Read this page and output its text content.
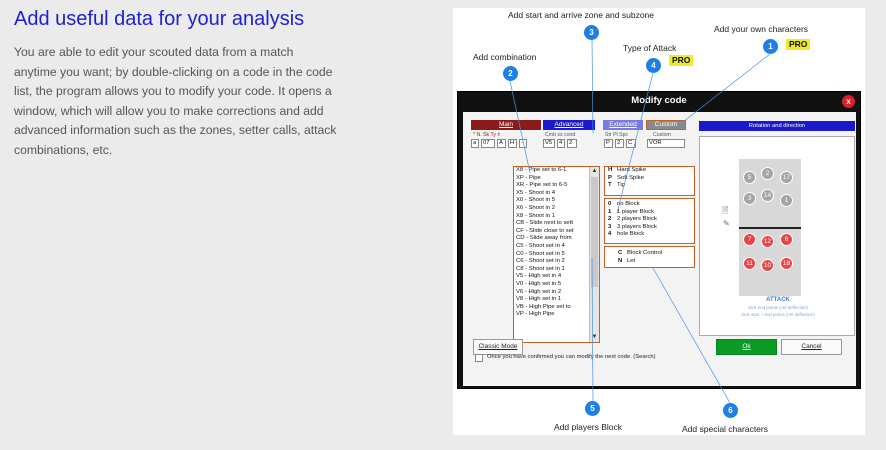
Add useful data for your analysis
You are able to edit your scouted data from a match anytime you want; by double-clicking on a code in the code list, the program allows you to modify your code. It opens a window, which will allow you to make corrections and add advanced information such as the zones, setter calls, attack combinations, etc.
Add start and arrive zone and subzone
3	Add your own characters
1	PRO
Type of Attack
4
PRO
Add combination
2
5
Add players Block
6
Add special characters
Modify code	x
Main	Advanced	Extended	Custom	Rotation and direction
* N. Sk Ty ±	Cmb ss cond	Str Pl Spc	Custom
a	07	A	H	-	V5	4	2	P	2	C	VOR
X8 - Pipe set to 6-1
XP - Pipe
XR - Pipe set to 6-5
X5 - Shoot in 4
X0 - Shoot in 5
X6 - Shoot in 2
X8 - Shoot in 1
CB - Slide next to sett
CF - Slide close to set
CD - Slide away from
C5 - Shoot set in 4
C0 - Shoot set in 5
C6 - Shoot set in 2
C8 - Shoot set in 1
V5 - High set in 4
V0 - High set in 5
V6 - High set in 2
V8 - High set in 1
VB - High Pipe set to
VP - High Pipe
▲
▼
H Hard Spike
P Soft Spike
T Tip
0 no Block
1 1 player Block
2 2 players Block
3 3 players Block
4 hole Block
C Block Control
N Let
5
2
17
3	14
1
7	12	6
11	10	18
🗎
✎
ATTACK
click end points (ctrl deflection)
click start + end points (ctrl deflection)
Classic Mode	Ok	Cancel
Once you have confirmed you can modify the next code. (Search)
